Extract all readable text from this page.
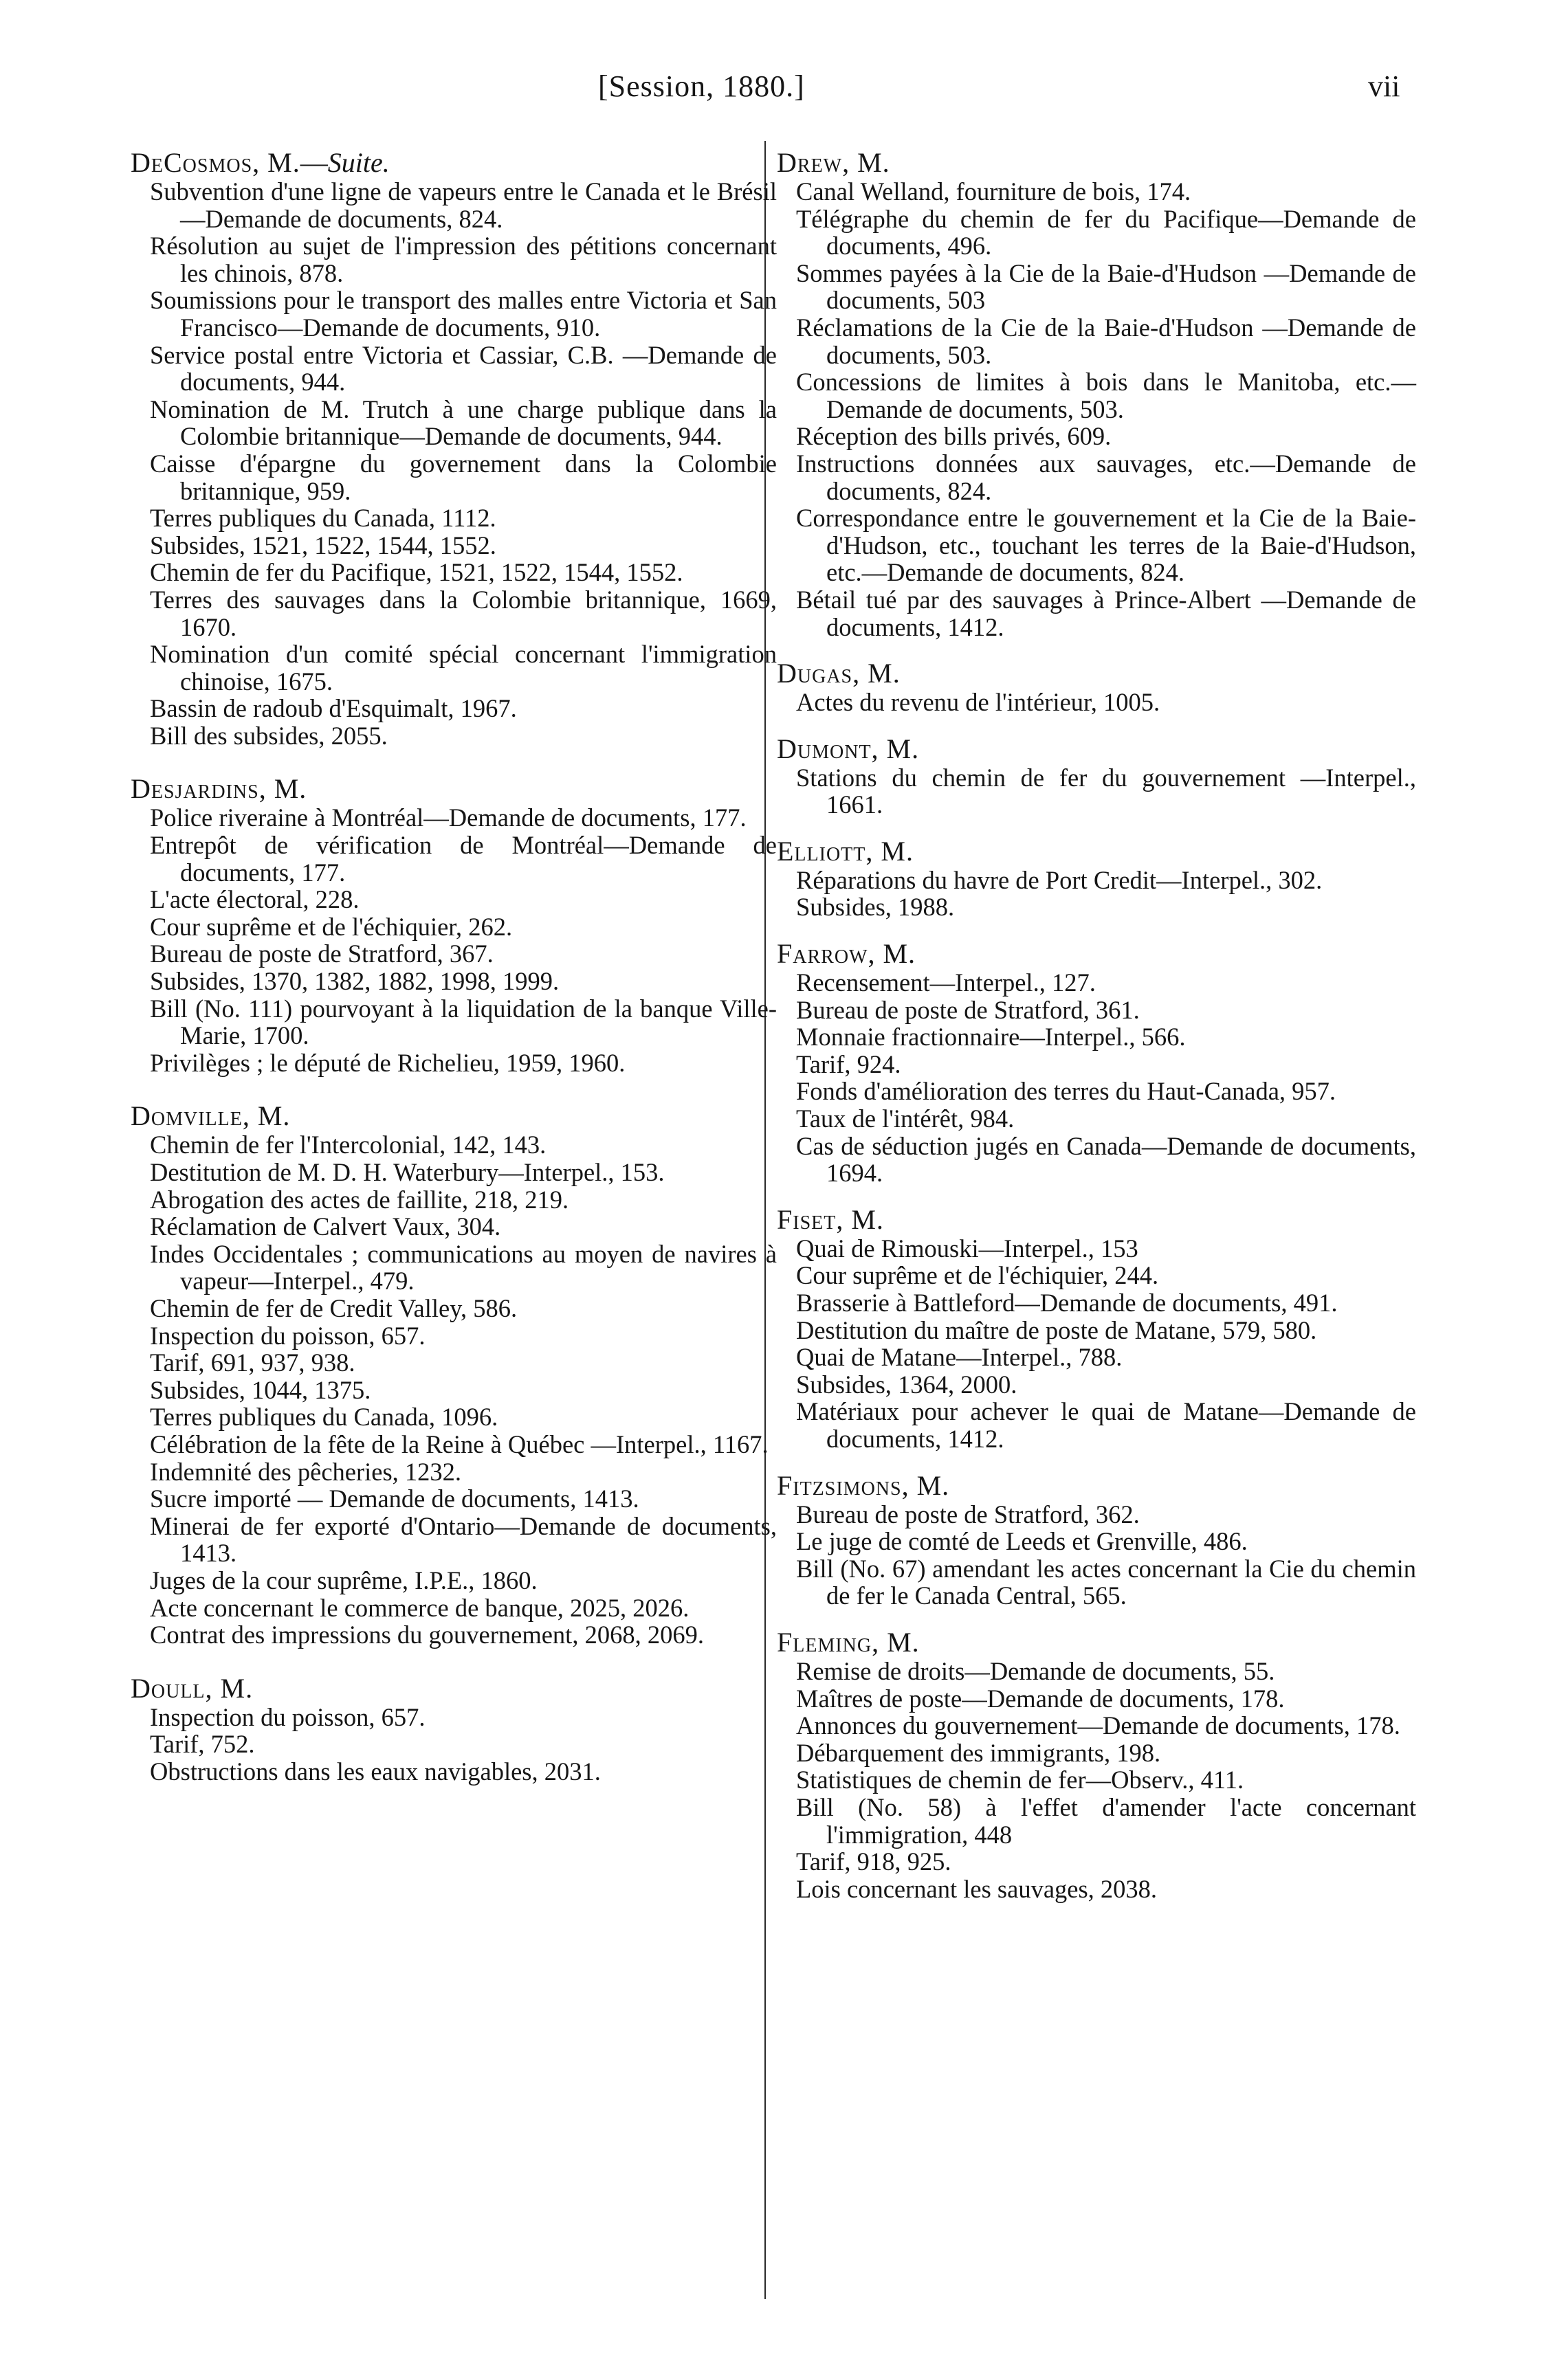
[Session, 1880.]	vii

DeCosmos, M.—Suite.

Subvention d'une ligne de vapeurs entre le Canada et le Brésil—Demande de documents, 824.
Résolution au sujet de l'impression des pétitions concernant les chinois, 878.
Soumissions pour le transport des malles entre Victoria et San Francisco—Demande de documents, 910.
Service postal entre Victoria et Cassiar, C.B. —Demande de documents, 944.
Nomination de M. Trutch à une charge publique dans la Colombie britannique—Demande de documents, 944.
Caisse d'épargne du governement dans la Colombie britannique, 959.
Terres publiques du Canada, 1112.
Subsides, 1521, 1522, 1544, 1552.
Chemin de fer du Pacifique, 1521, 1522, 1544, 1552.
Terres des sauvages dans la Colombie britannique, 1669, 1670.
Nomination d'un comité spécial concernant l'immigration chinoise, 1675.
Bassin de radoub d'Esquimalt, 1967.
Bill des subsides, 2055.

Desjardins, M.

Police riveraine à Montréal—Demande de documents, 177.
Entrepôt de vérification de Montréal—Demande de documents, 177.
L'acte électoral, 228.
Cour suprême et de l'échiquier, 262.
Bureau de poste de Stratford, 367.
Subsides, 1370, 1382, 1882, 1998, 1999.
Bill (No. 111) pourvoyant à la liquidation de la banque Ville-Marie, 1700.
Privilèges ; le député de Richelieu, 1959, 1960.

Domville, M.

Chemin de fer l'Intercolonial, 142, 143.
Destitution de M. D. H. Waterbury—Interpel., 153.
Abrogation des actes de faillite, 218, 219.
Réclamation de Calvert Vaux, 304.
Indes Occidentales ; communications au moyen de navires à vapeur—Interpel., 479.
Chemin de fer de Credit Valley, 586.
Inspection du poisson, 657.
Tarif, 691, 937, 938.
Subsides, 1044, 1375.
Terres publiques du Canada, 1096.
Célébration de la fête de la Reine à Québec —Interpel., 1167.
Indemnité des pêcheries, 1232.
Sucre importé — Demande de documents, 1413.
Minerai de fer exporté d'Ontario—Demande de documents, 1413.
Juges de la cour suprême, I.P.E., 1860.
Acte concernant le commerce de banque, 2025, 2026.
Contrat des impressions du gouvernement, 2068, 2069.

Doull, M.

Inspection du poisson, 657.
Tarif, 752.
Obstructions dans les eaux navigables, 2031.

Drew, M.

Canal Welland, fourniture de bois, 174.
Télégraphe du chemin de fer du Pacifique—Demande de documents, 496.
Sommes payées à la Cie de la Baie-d'Hudson —Demande de documents, 503
Réclamations de la Cie de la Baie-d'Hudson —Demande de documents, 503.
Concessions de limites à bois dans le Manitoba, etc.—Demande de documents, 503.
Réception des bills privés, 609.
Instructions données aux sauvages, etc.—Demande de documents, 824.
Correspondance entre le gouvernement et la Cie de la Baie-d'Hudson, etc., touchant les terres de la Baie-d'Hudson, etc.—Demande de documents, 824.
Bétail tué par des sauvages à Prince-Albert —Demande de documents, 1412.

Dugas, M.

Actes du revenu de l'intérieur, 1005.

Dumont, M.

Stations du chemin de fer du gouvernement —Interpel., 1661.

Elliott, M.

Réparations du havre de Port Credit—Interpel., 302.
Subsides, 1988.

Farrow, M.

Recensement—Interpel., 127.
Bureau de poste de Stratford, 361.
Monnaie fractionnaire—Interpel., 566.
Tarif, 924.
Fonds d'amélioration des terres du Haut-Canada, 957.
Taux de l'intérêt, 984.
Cas de séduction jugés en Canada—Demande de documents, 1694.

Fiset, M.

Quai de Rimouski—Interpel., 153
Cour suprême et de l'échiquier, 244.
Brasserie à Battleford—Demande de documents, 491.
Destitution du maître de poste de Matane, 579, 580.
Quai de Matane—Interpel., 788.
Subsides, 1364, 2000.
Matériaux pour achever le quai de Matane—Demande de documents, 1412.

Fitzsimons, M.

Bureau de poste de Stratford, 362.
Le juge de comté de Leeds et Grenville, 486.
Bill (No. 67) amendant les actes concernant la Cie du chemin de fer le Canada Central, 565.

Fleming, M.

Remise de droits—Demande de documents, 55.
Maîtres de poste—Demande de documents, 178.
Annonces du gouvernement—Demande de documents, 178.
Débarquement des immigrants, 198.
Statistiques de chemin de fer—Observ., 411.
Bill (No. 58) à l'effet d'amender l'acte concernant l'immigration, 448
Tarif, 918, 925.
Lois concernant les sauvages, 2038.
